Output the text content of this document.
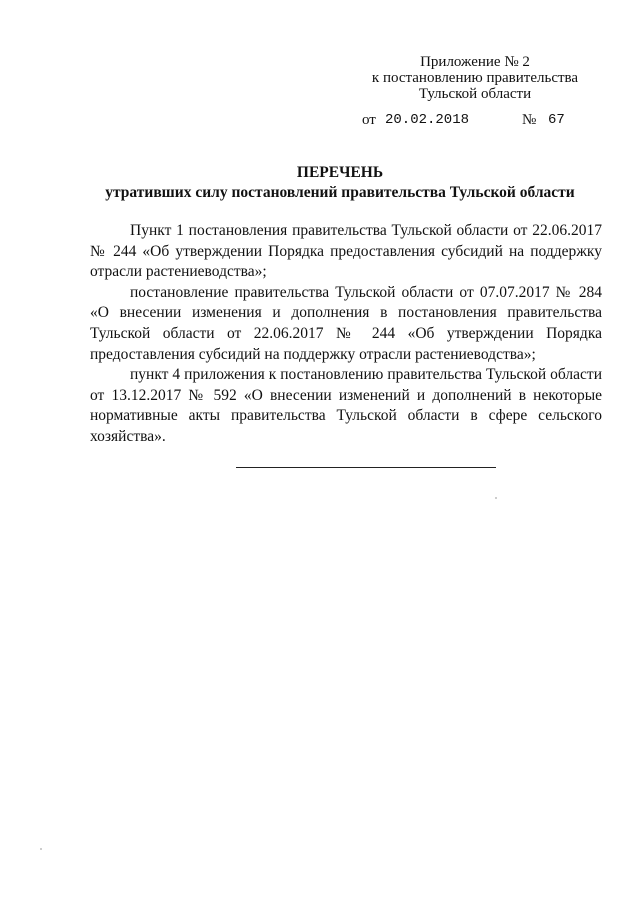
Приложение № 2
к постановлению правительства
Тульской области
от 20.02.2018	№ 67
ПЕРЕЧЕНЬ
утративших силу постановлений правительства Тульской области

Пункт 1 постановления правительства Тульской области от 22.06.2017 № 244 «Об утверждении Порядка предоставления субсидий на поддержку отрасли растениеводства»;

постановление правительства Тульской области от 07.07.2017 № 284 «О внесении изменения и дополнения в постановления правительства Тульской области от 22.06.2017 № 244 «Об утверждении Порядка предоставления субсидий на поддержку отрасли растениеводства»;

пункт 4 приложения к постановлению правительства Тульской области от 13.12.2017 № 592 «О внесении изменений и дополнений в некоторые нормативные акты правительства Тульской области в сфере сельского хозяйства».
